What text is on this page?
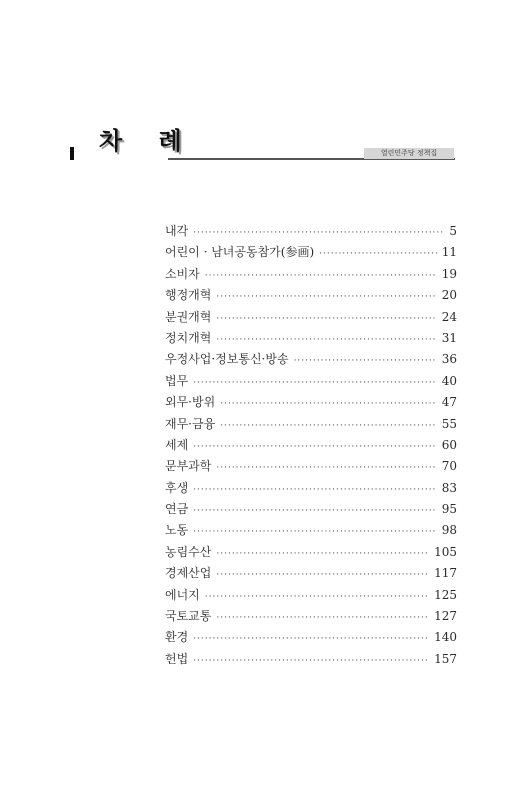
차 례	열린민주당 정책집
내각 ·····	5
어린이 · 남녀공동참가(参画) ·····	11
소비자 ·····	19
행정개혁 ·····	20
분권개혁 ·····	24
정치개혁 ·····	31
우정사업·정보통신·방송 ·····	36
법무 ·····	40
외무·방위 ·····	47
재무·금융 ·····	55
세제 ·····	60
문부과학 ·····	70
후생 ·····	83
연금 ·····	95
노동 ·····	98
농림수산 ·····	105
경제산업 ·····	117
에너지 ·····	125
국토교통 ·····	127
환경 ·····	140
헌법 ·····	157
